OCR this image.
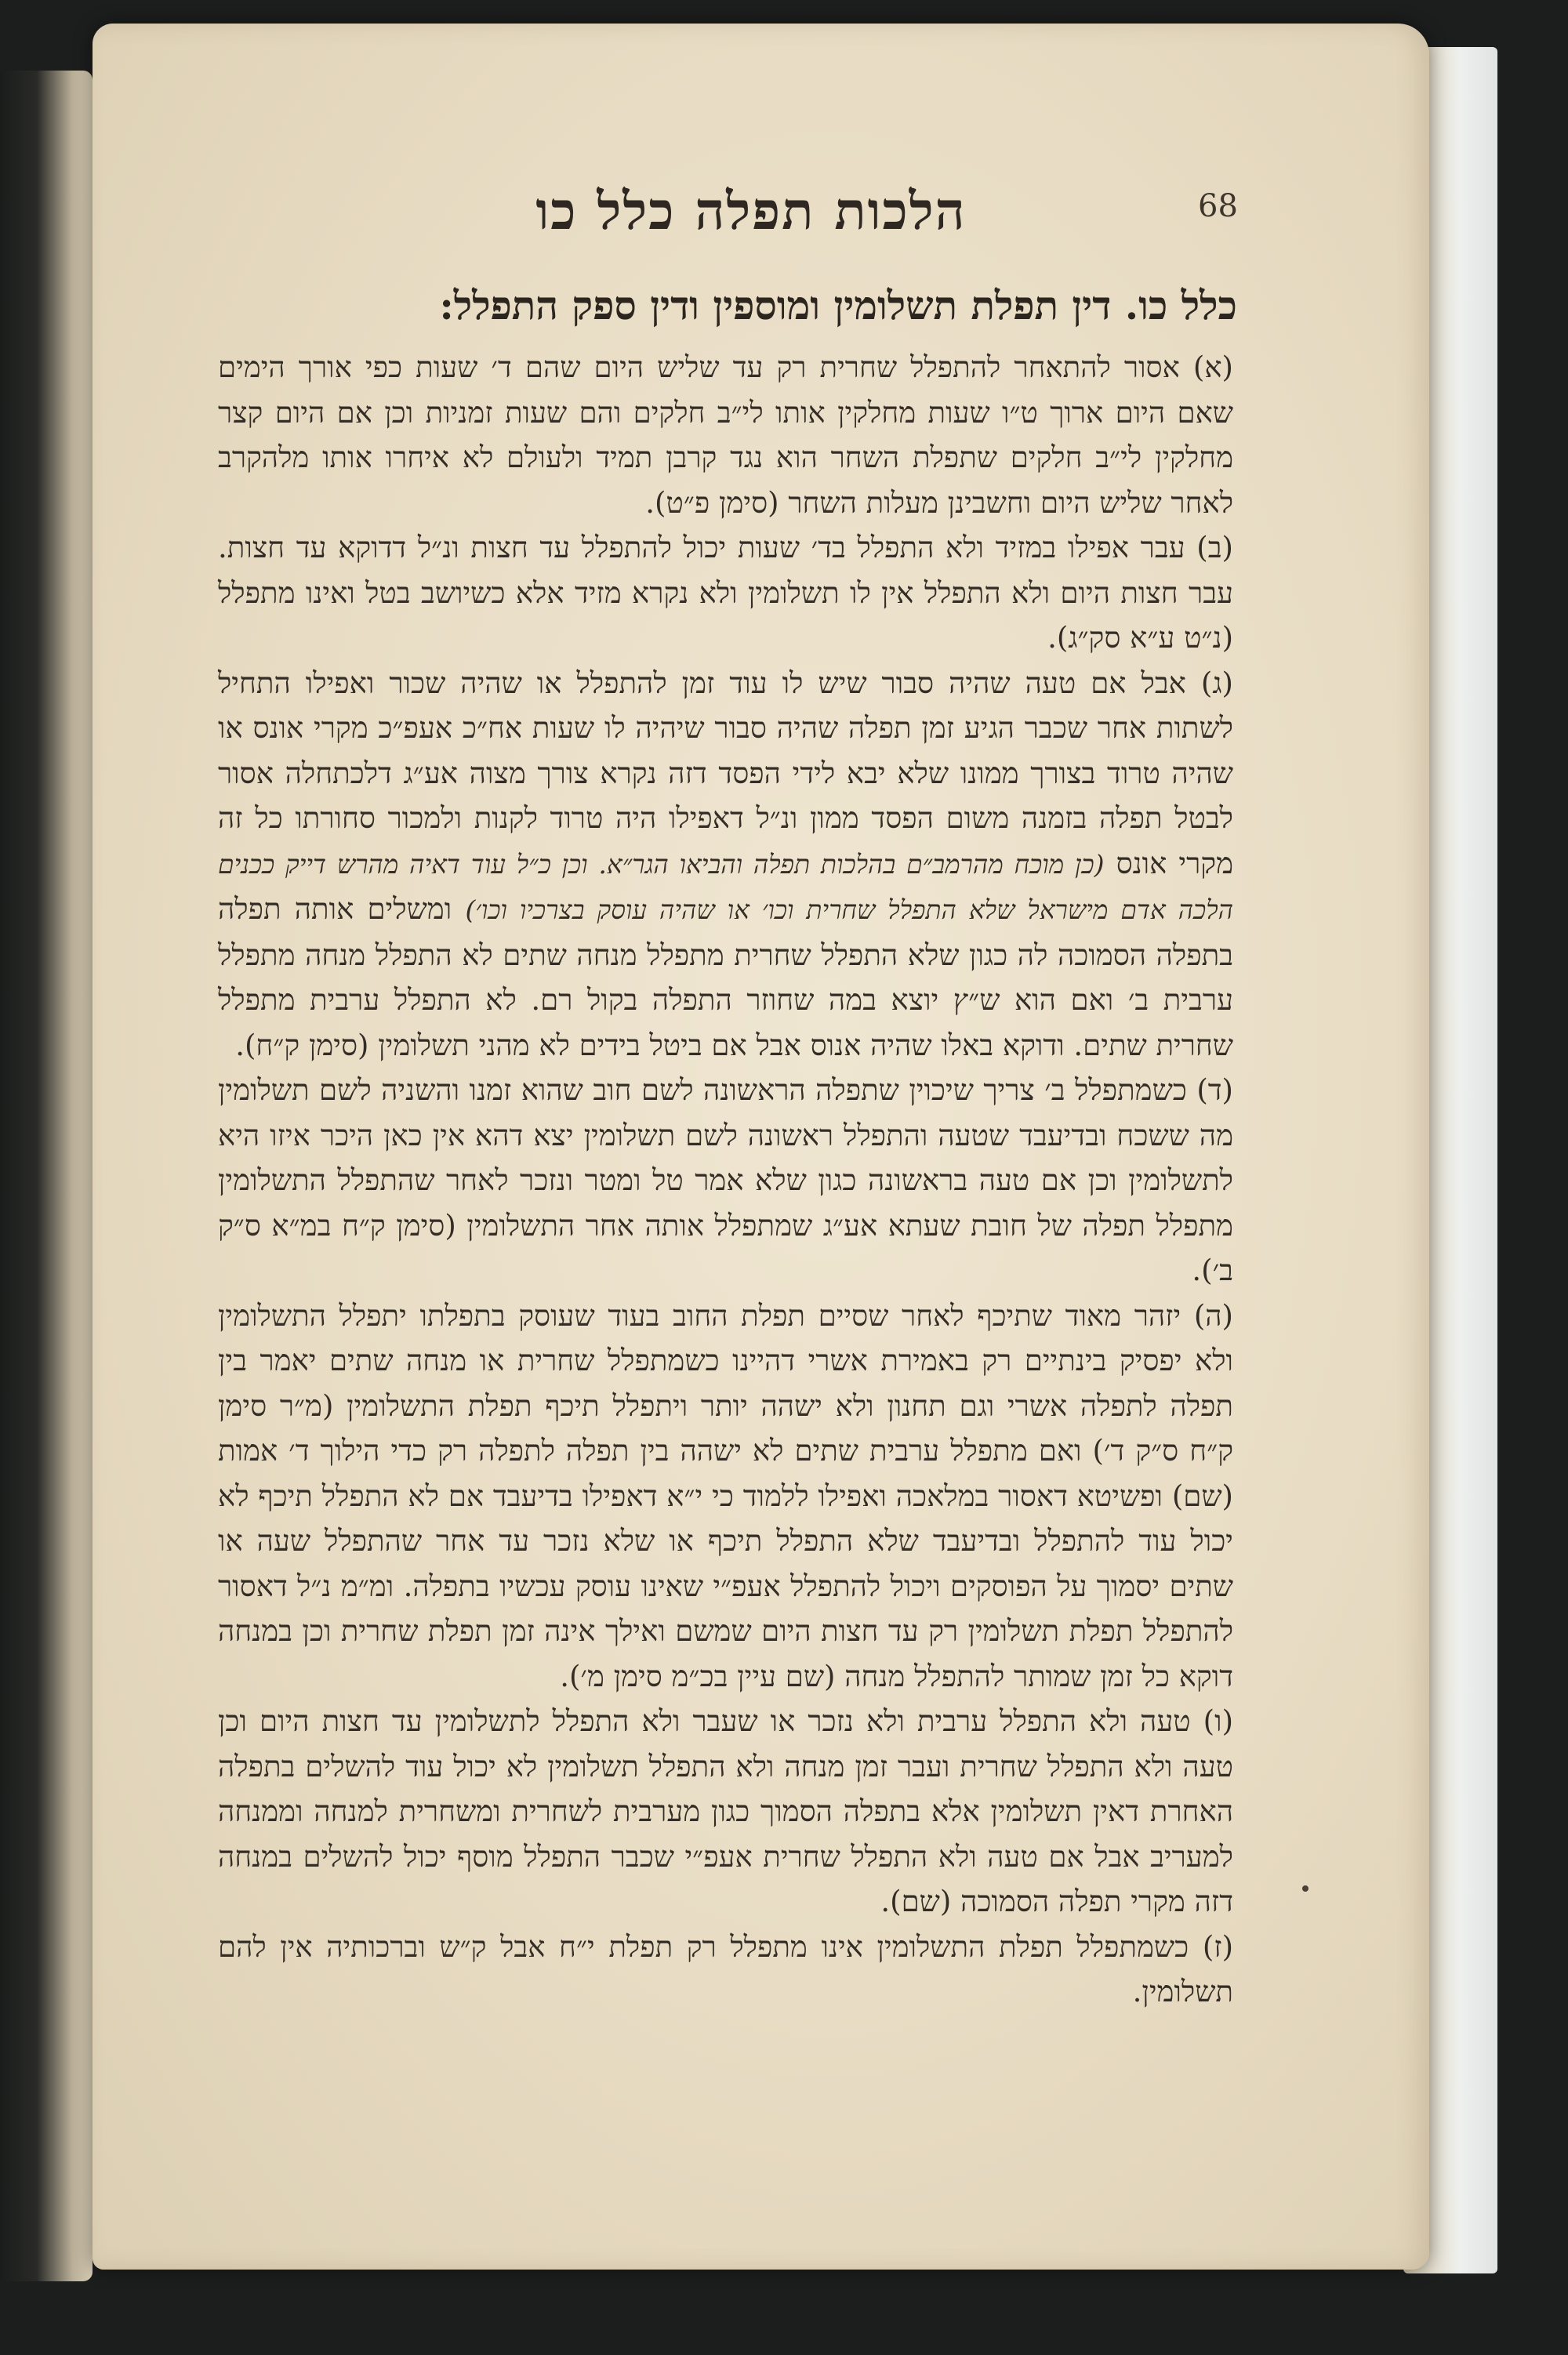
68
הלכות תפלה כלל כו
כלל כו. דין תפלת תשלומין ומוספין ודין ספק התפלל:

(א) אסור להתאחר להתפלל שחרית רק עד שליש היום שהם ד׳ שעות כפי אורך הימים שאם היום ארוך ט״ו שעות מחלקין אותו לי״ב חלקים והם שעות זמניות וכן אם היום קצר מחלקין לי״ב חלקים שתפלת השחר הוא נגד קרבן תמיד ולעולם לא איחרו אותו מלהקרב לאחר שליש היום וחשבינן מעלות השחר (סימן פ״ט).

(ב) עבר אפילו במזיד ולא התפלל בד׳ שעות יכול להתפלל עד חצות ונ״ל דדוקא עד חצות. עבר חצות היום ולא התפלל אין לו תשלומין ולא נקרא מזיד אלא כשיושב בטל ואינו מתפלל (נ״ט ע״א סק״ג).

(ג) אבל אם טעה שהיה סבור שיש לו עוד זמן להתפלל או שהיה שכור ואפילו התחיל לשתות אחר שכבר הגיע זמן תפלה שהיה סבור שיהיה לו שעות אח״כ אעפ״כ מקרי אונס או שהיה טרוד בצורך ממונו שלא יבא לידי הפסד דזה נקרא צורך מצוה אע״ג דלכתחלה אסור לבטל תפלה בזמנה משום הפסד ממון ונ״ל דאפילו היה טרוד לקנות ולמכור סחורתו כל זה מקרי אונס (כן מוכח מהרמב״ם בהלכות תפלה והביאו הגר״א. וכן כ״ל עוד דאיה מהרש דייק ככנים הלכה אדם מישראל שלא התפלל שחרית וכו׳ או שהיה עוסק בצרכיו וכו׳) ומשלים אותה תפלה בתפלה הסמוכה לה כגון שלא התפלל שחרית מתפלל מנחה שתים לא התפלל מנחה מתפלל ערבית ב׳ ואם הוא ש״ץ יוצא במה שחוזר התפלה בקול רם. לא התפלל ערבית מתפלל שחרית שתים. ודוקא באלו שהיה אנוס אבל אם ביטל בידים לא מהני תשלומין (סימן ק״ח).

(ד) כשמתפלל ב׳ צריך שיכוין שתפלה הראשונה לשם חוב שהוא זמנו והשניה לשם תשלומין מה ששכח ובדיעבד שטעה והתפלל ראשונה לשם תשלומין יצא דהא אין כאן היכר איזו היא לתשלומין וכן אם טעה בראשונה כגון שלא אמר טל ומטר ונזכר לאחר שהתפלל התשלומין מתפלל תפלה של חובת שעתא אע״ג שמתפלל אותה אחר התשלומין (סימן ק״ח במ״א ס״ק ב׳).

(ה) יזהר מאוד שתיכף לאחר שסיים תפלת החוב בעוד שעוסק בתפלתו יתפלל התשלומין ולא יפסיק בינתיים רק באמירת אשרי דהיינו כשמתפלל שחרית או מנחה שתים יאמר בין תפלה לתפלה אשרי וגם תחנון ולא ישהה יותר ויתפלל תיכף תפלת התשלומין (מ״ר סימן ק״ח ס״ק ד׳) ואם מתפלל ערבית שתים לא ישהה בין תפלה לתפלה רק כדי הילוך ד׳ אמות (שם) ופשיטא דאסור במלאכה ואפילו ללמוד כי י״א דאפילו בדיעבד אם לא התפלל תיכף לא יכול עוד להתפלל ובדיעבד שלא התפלל תיכף או שלא נזכר עד אחר שהתפלל שעה או שתים יסמוך על הפוסקים ויכול להתפלל אעפ״י שאינו עוסק עכשיו בתפלה. ומ״מ נ״ל דאסור להתפלל תפלת תשלומין רק עד חצות היום שמשם ואילך אינה זמן תפלת שחרית וכן במנחה דוקא כל זמן שמותר להתפלל מנחה (שם עיין בכ״מ סימן מ׳).

(ו) טעה ולא התפלל ערבית ולא נזכר או שעבר ולא התפלל לתשלומין עד חצות היום וכן טעה ולא התפלל שחרית ועבר זמן מנחה ולא התפלל תשלומין לא יכול עוד להשלים בתפלה האחרת דאין תשלומין אלא בתפלה הסמוך כגון מערבית לשחרית ומשחרית למנחה וממנחה למעריב אבל אם טעה ולא התפלל שחרית אעפ״י שכבר התפלל מוסף יכול להשלים במנחה דזה מקרי תפלה הסמוכה (שם).

(ז) כשמתפלל תפלת התשלומין אינו מתפלל רק תפלת י״ח אבל ק״ש וברכותיה אין להם תשלומין.
